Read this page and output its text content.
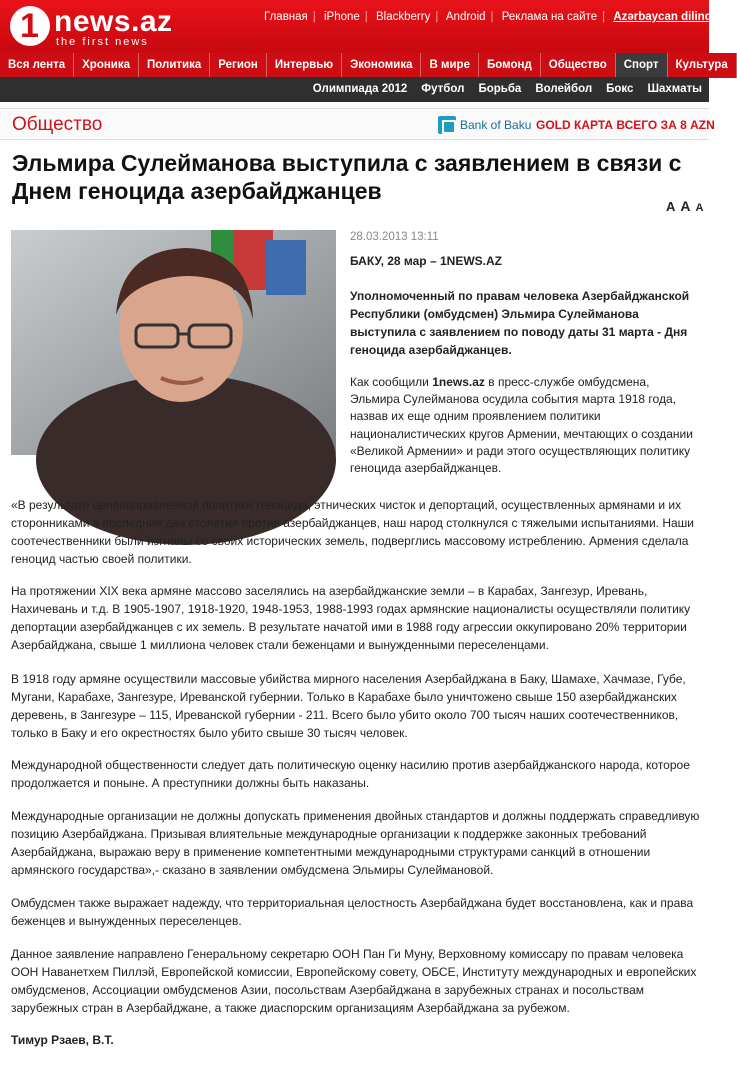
1 news.az
the first news
Главная | iPhone | Blackberry | Android | Реклама на сайте | Azərbaycan dilində
Вся лента	Хроника	Политика	Регион	Интервью	Экономика	В мире	Бомонд	Общество	Спорт	Культура
Олимпиада 2012	Футбол	Борьба	Волейбол	Бокс	Шахматы
Общество	Bank of Baku GOLD КАРТА ВСЕГО ЗА 8 AZN
Эльмира Сулейманова выступила с заявлением в связи с Днем геноцида азербайджанцев
A A A
28.03.2013 13:11
БАКУ, 28 мар – 1NEWS.AZ
Уполномоченный по правам человека Азербайджанской Республики (омбудсмен) Эльмира Сулейманова выступила с заявлением по поводу даты 31 марта - Дня геноцида азербайджанцев.
Как сообщили 1news.az в пресс-службе омбудсмена, Эльмира Сулейманова осудила события марта 1918 года, назвав их еще одним проявлением политики националистических кругов Армении, мечтающих о создании «Великой Армении» и ради этого осуществляющих политику геноцида азербайджанцев.

«В результате целенаправленной политики геноцида, этнических чисток и депортаций, осуществленных армянами и их сторонниками в последние два столетия против азербайджанцев, наш народ столкнулся с тяжелыми испытаниями. Наши соотечественники были изгнаны со своих исторических земель, подверглись массовому истреблению. Армения сделала геноцид частью своей политики.

На протяжении XIX века армяне массово заселялись на азербайджанские земли – в Карабах, Зангезур, Иревань, Нахичевань и т.д. В 1905-1907, 1918-1920, 1948-1953, 1988-1993 годах армянские националисты осуществляли политику депортации азербайджанцев с их земель. В результате начатой ими в 1988 году агрессии оккупировано 20% территории Азербайджана, свыше 1 миллиона человек стали беженцами и вынужденными переселенцами.

В 1918 году армяне осуществили массовые убийства мирного населения Азербайджана в Баку, Шамахе, Хачмазе, Губе, Мугани, Карабахе, Зангезуре, Иреванской губернии. Только в Карабахе было уничтожено свыше 150 азербайджанских деревень, в Зангезуре – 115, Иреванской губернии - 211. Всего было убито около 700 тысяч наших соотечественников, только в Баку и его окрестностях было убито свыше 30 тысяч человек.

Международной общественности следует дать политическую оценку насилию против азербайджанского народа, которое продолжается и поныне. А преступники должны быть наказаны.

Международные организации не должны допускать применения двойных стандартов и должны поддержать справедливую позицию Азербайджана. Призывая влиятельные международные организации к поддержке законных требований Азербайджана, выражаю веру в применение компетентными международными структурами санкций в отношении армянского государства»,- сказано в заявлении омбудсмена Эльмиры Сулеймановой.

Омбудсмен также выражает надежду, что территориальная целостность Азербайджана будет восстановлена, как и права беженцев и вынужденных переселенцев.

Данное заявление направлено Генеральному секретарю ООН Пан Ги Муну, Верховному комиссару по правам человека ООН Наванетхем Пиллэй, Европейской комиссии, Европейскому совету, ОБСЕ, Институту международных и европейских омбудсменов, Ассоциации омбудсменов Азии, посольствам Азербайджана в зарубежных странах и посольствам зарубежных стран в Азербайджане, а также диаспорским организациям Азербайджана за рубежом.

Тимур Рзаев, В.Т.
